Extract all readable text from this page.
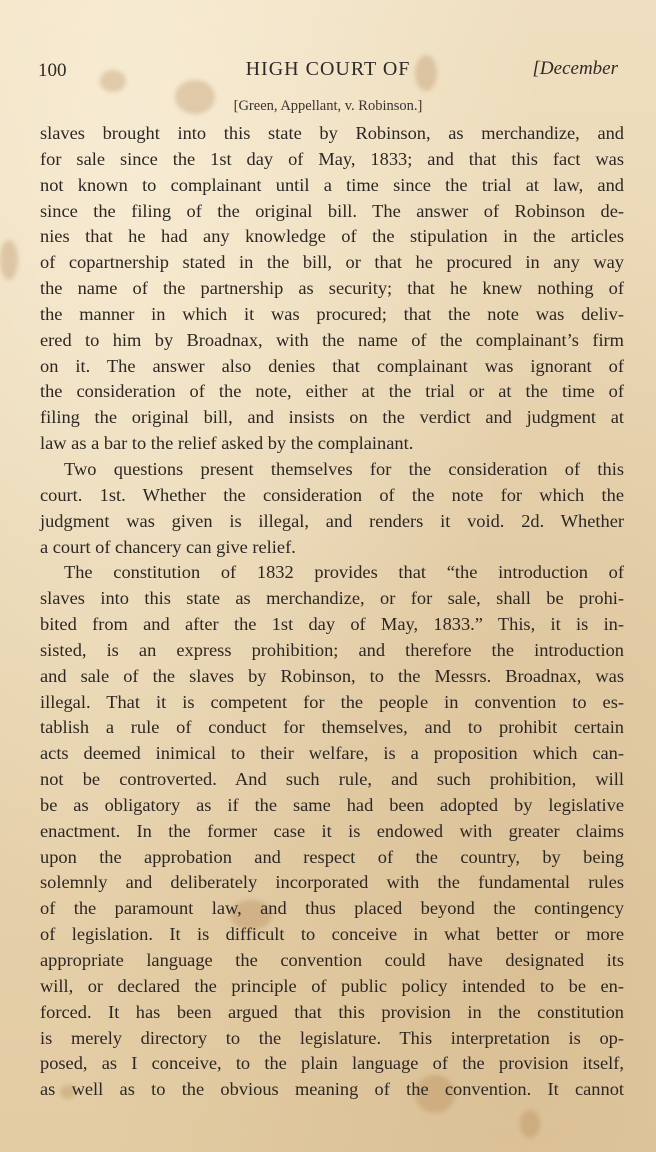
100	HIGH COURT OF	[December
[Green, Appellant, v. Robinson.]
slaves brought into this state by Robinson, as merchandize, and
for sale since the 1st day of May, 1833; and that this fact was
not known to complainant until a time since the trial at law, and
since the filing of the original bill. The answer of Robinson de-
nies that he had any knowledge of the stipulation in the articles
of copartnership stated in the bill, or that he procured in any way
the name of the partnership as security; that he knew nothing of
the manner in which it was procured; that the note was deliv-
ered to him by Broadnax, with the name of the complainant’s firm
on it. The answer also denies that complainant was ignorant of
the consideration of the note, either at the trial or at the time of
filing the original bill, and insists on the verdict and judgment at
law as a bar to the relief asked by the complainant.
Two questions present themselves for the consideration of this
court. 1st. Whether the consideration of the note for which the
judgment was given is illegal, and renders it void. 2d. Whether
a court of chancery can give relief.
The constitution of 1832 provides that “the introduction of
slaves into this state as merchandize, or for sale, shall be prohi-
bited from and after the 1st day of May, 1833.” This, it is in-
sisted, is an express prohibition; and therefore the introduction
and sale of the slaves by Robinson, to the Messrs. Broadnax, was
illegal. That it is competent for the people in convention to es-
tablish a rule of conduct for themselves, and to prohibit certain
acts deemed inimical to their welfare, is a proposition which can-
not be controverted. And such rule, and such prohibition, will
be as obligatory as if the same had been adopted by legislative
enactment. In the former case it is endowed with greater claims
upon the approbation and respect of the country, by being
solemnly and deliberately incorporated with the fundamental rules
of the paramount law, and thus placed beyond the contingency
of legislation. It is difficult to conceive in what better or more
appropriate language the convention could have designated its
will, or declared the principle of public policy intended to be en-
forced. It has been argued that this provision in the constitution
is merely directory to the legislature. This interpretation is op-
posed, as I conceive, to the plain language of the provision itself,
as well as to the obvious meaning of the convention. It cannot
